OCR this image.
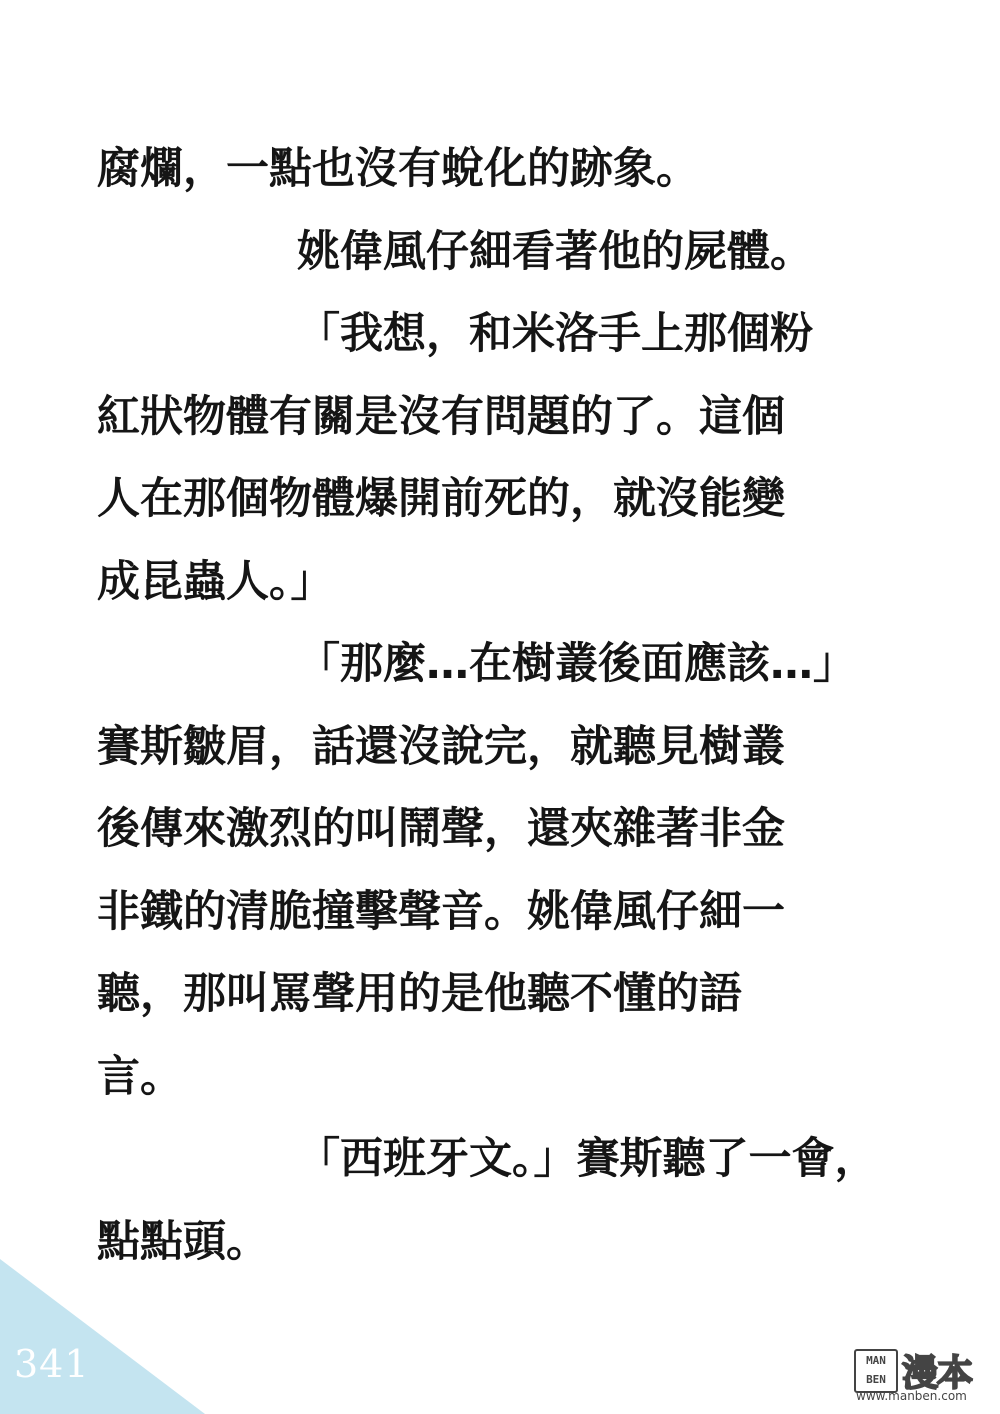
腐爛，一點也沒有蛻化的跡象。
姚偉風仔細看著他的屍體。
「我想，和米洛手上那個粉
紅狀物體有關是沒有問題的了。這個
人在那個物體爆開前死的，就沒能變
成昆蟲人。」
「那麼…在樹叢後面應該…」
賽斯皺眉，話還沒說完，就聽見樹叢
後傳來激烈的叫鬧聲，還夾雜著非金
非鐵的清脆撞擊聲音。姚偉風仔細一
聽，那叫罵聲用的是他聽不懂的語
言。
「西班牙文。」賽斯聽了一會，
點點頭。
341	MAN
BEN 漫本
www.manben.com
